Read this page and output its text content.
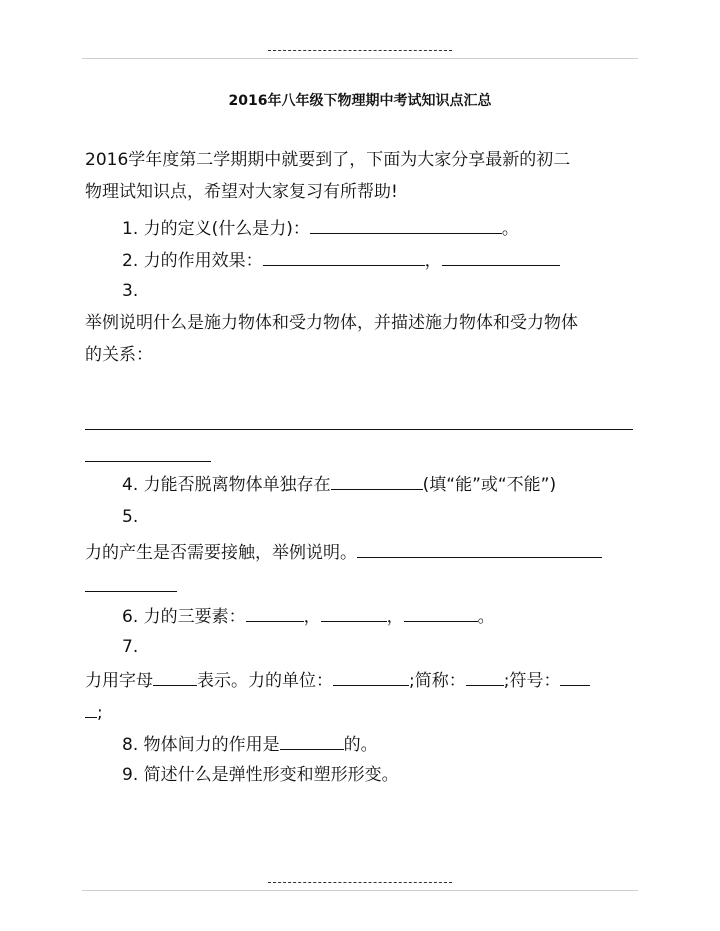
2016年八年级下物理期中考试知识点汇总
2016学年度第二学期期中就要到了，下面为大家分享最新的初二
物理试知识点，希望对大家复习有所帮助!
1. 力的定义(什么是力)：	。
2. 力的作用效果：	，
3.
举例说明什么是施力物体和受力物体，并描述施力物体和受力物体
的关系：
4. 力能否脱离物体单独存在	(填“能”或“不能”)
5.
力的产生是否需要接触，举例说明。
6. 力的三要素：	，	，	。
7.
力用字母	表示。力的单位：	;简称： ;符号：
;
8. 物体间力的作用是	的。
9. 简述什么是弹性形变和塑形形变。
